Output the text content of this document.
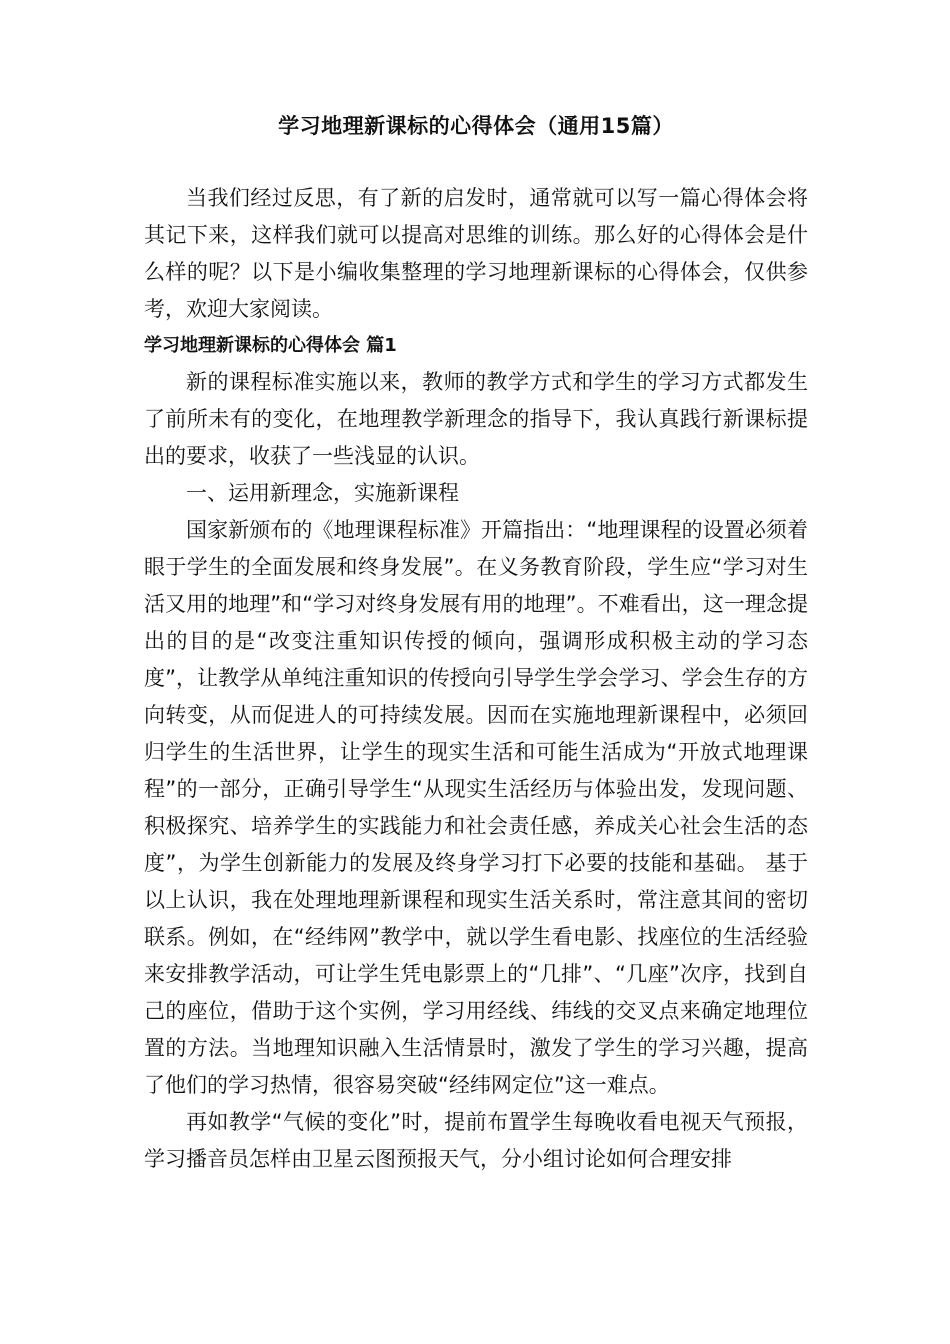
学习地理新课标的心得体会（通用15篇）

当我们经过反思，有了新的启发时，通常就可以写一篇心得体会将其记下来，这样我们就可以提高对思维的训练。那么好的心得体会是什么样的呢？以下是小编收集整理的学习地理新课标的心得体会，仅供参考，欢迎大家阅读。

学习地理新课标的心得体会 篇1

新的课程标准实施以来，教师的教学方式和学生的学习方式都发生了前所未有的变化，在地理教学新理念的指导下，我认真践行新课标提出的要求，收获了一些浅显的认识。

一、运用新理念，实施新课程

国家新颁布的《地理课程标准》开篇指出：“地理课程的设置必须着眼于学生的全面发展和终身发展”。在义务教育阶段，学生应“学习对生活又用的地理”和“学习对终身发展有用的地理”。不难看出，这一理念提出的目的是“改变注重知识传授的倾向，强调形成积极主动的学习态度”，让教学从单纯注重知识的传授向引导学生学会学习、学会生存的方向转变，从而促进人的可持续发展。因而在实施地理新课程中，必须回归学生的生活世界，让学生的现实生活和可能生活成为“开放式地理课程”的一部分，正确引导学生“从现实生活经历与体验出发，发现问题、积极探究、培养学生的实践能力和社会责任感，养成关心社会生活的态度”，为学生创新能力的发展及终身学习打下必要的技能和基础。 基于以上认识，我在处理地理新课程和现实生活关系时，常注意其间的密切联系。例如，在“经纬网”教学中，就以学生看电影、找座位的生活经验来安排教学活动，可让学生凭电影票上的“几排”、“几座”次序，找到自己的座位，借助于这个实例，学习用经线、纬线的交叉点来确定地理位置的方法。当地理知识融入生活情景时，激发了学生的学习兴趣，提高了他们的学习热情，很容易突破“经纬网定位”这一难点。

再如教学“气候的变化”时，提前布置学生每晚收看电视天气预报，学习播音员怎样由卫星云图预报天气，分小组讨论如何合理安排
